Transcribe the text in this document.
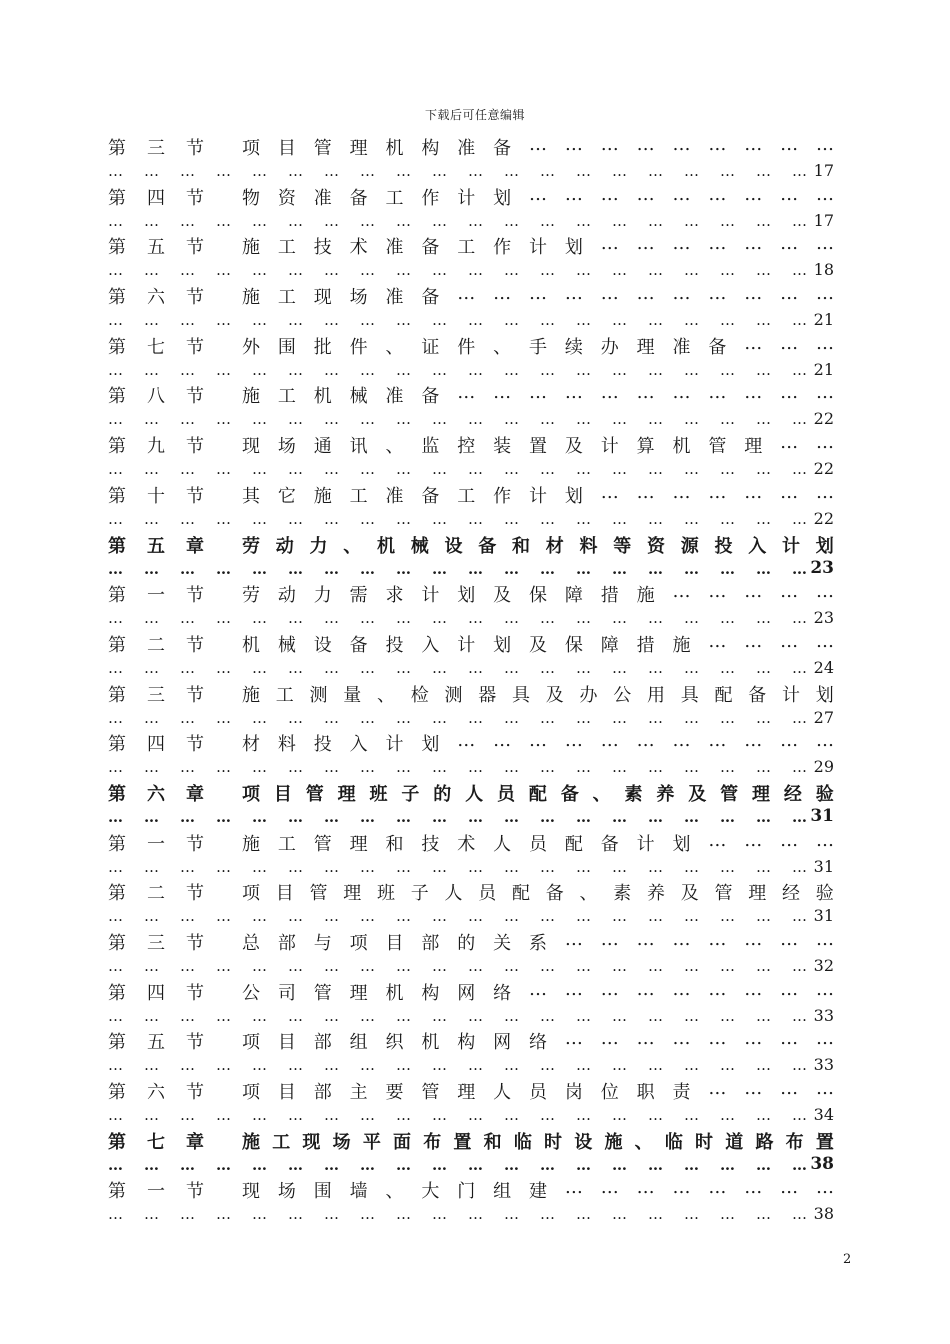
下载后可任意编辑
第 三 节 项 目 管 理 机 构 准 备 … … … … … … … … …
… … … … … … … … … … … … … … … … … … … … 17
第 四 节 物 资 准 备 工 作 计 划 … … … … … … … … …
… … … … … … … … … … … … … … … … … … … … 17
第 五 节 施 工 技 术 准 备 工 作 计 划 … … … … … … …
… … … … … … … … … … … … … … … … … … … … 18
第 六 节 施 工 现 场 准 备 … … … … … … … … … … …
… … … … … … … … … … … … … … … … … … … … 21
第 七 节 外 围 批 件 、 证 件 、 手 续 办 理 准 备 … … …
… … … … … … … … … … … … … … … … … … … … 21
第 八 节 施 工 机 械 准 备 … … … … … … … … … … …
… … … … … … … … … … … … … … … … … … … … 22
第 九 节 现 场 通 讯 、 监 控 装 置 及 计 算 机 管 理 … …
… … … … … … … … … … … … … … … … … … … … 22
第 十 节 其 它 施 工 准 备 工 作 计 划 … … … … … … …
… … … … … … … … … … … … … … … … … … … … 22
第 五 章 劳 动 力 、 机 械 设 备 和 材 料 等 资 源 投 入 计 划
… … … … … … … … … … … … … … … … … … … … 23
第 一 节 劳 动 力 需 求 计 划 及 保 障 措 施 … … … … …
… … … … … … … … … … … … … … … … … … … … 23
第 二 节 机 械 设 备 投 入 计 划 及 保 障 措 施 … … … …
… … … … … … … … … … … … … … … … … … … … 24
第 三 节 施 工 测 量 、 检 测 器 具 及 办 公 用 具 配 备 计 划
… … … … … … … … … … … … … … … … … … … … 27
第 四 节 材 料 投 入 计 划 … … … … … … … … … … …
… … … … … … … … … … … … … … … … … … … … 29
第 六 章 项 目 管 理 班 子 的 人 员 配 备 、 素 养 及 管 理 经 验
… … … … … … … … … … … … … … … … … … … … 31
第 一 节 施 工 管 理 和 技 术 人 员 配 备 计 划 … … … …
… … … … … … … … … … … … … … … … … … … … 31
第 二 节 项 目 管 理 班 子 人 员 配 备 、 素 养 及 管 理 经 验
… … … … … … … … … … … … … … … … … … … … 31
第 三 节 总 部 与 项 目 部 的 关 系 … … … … … … … …
… … … … … … … … … … … … … … … … … … … … 32
第 四 节 公 司 管 理 机 构 网 络 … … … … … … … … …
… … … … … … … … … … … … … … … … … … … … 33
第 五 节 项 目 部 组 织 机 构 网 络 … … … … … … … …
… … … … … … … … … … … … … … … … … … … … 33
第 六 节 项 目 部 主 要 管 理 人 员 岗 位 职 责 … … … …
… … … … … … … … … … … … … … … … … … … … 34
第 七 章 施 工 现 场 平 面 布 置 和 临 时 设 施 、 临 时 道 路 布 置
… … … … … … … … … … … … … … … … … … … … 38
第 一 节 现 场 围 墙 、 大 门 组 建 … … … … … … … …
… … … … … … … … … … … … … … … … … … … … 38
2
